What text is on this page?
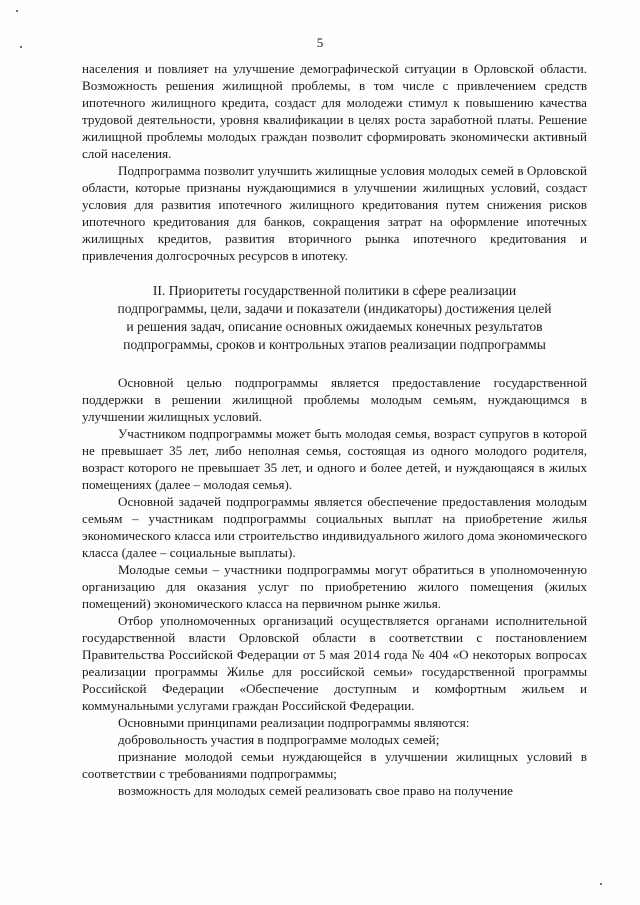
5

населения и повлияет на улучшение демографической ситуации в Орловской области. Возможность решения жилищной проблемы, в том числе с привлечением средств ипотечного жилищного кредита, создаст для молодежи стимул к повышению качества трудовой деятельности, уровня квалификации в целях роста заработной платы. Решение жилищной проблемы молодых граждан позволит сформировать экономически активный слой населения.

Подпрограмма позволит улучшить жилищные условия молодых семей в Орловской области, которые признаны нуждающимися в улучшении жилищных условий, создаст условия для развития ипотечного жилищного кредитования путем снижения рисков ипотечного кредитования для банков, сокращения затрат на оформление ипотечных жилищных кредитов, развития вторичного рынка ипотечного кредитования и привлечения долгосрочных ресурсов в ипотеку.

II. Приоритеты государственной политики в сфере реализации
подпрограммы, цели, задачи и показатели (индикаторы) достижения целей
и решения задач, описание основных ожидаемых конечных результатов
подпрограммы, сроков и контрольных этапов реализации подпрограммы

Основной целью подпрограммы является предоставление государственной поддержки в решении жилищной проблемы молодым семьям, нуждающимся в улучшении жилищных условий.

Участником подпрограммы может быть молодая семья, возраст супругов в которой не превышает 35 лет, либо неполная семья, состоящая из одного молодого родителя, возраст которого не превышает 35 лет, и одного и более детей, и нуждающаяся в жилых помещениях (далее – молодая семья).

Основной задачей подпрограммы является обеспечение предоставления молодым семьям – участникам подпрограммы социальных выплат на приобретение жилья экономического класса или строительство индивидуального жилого дома экономического класса (далее – социальные выплаты).

Молодые семьи – участники подпрограммы могут обратиться в уполномоченную организацию для оказания услуг по приобретению жилого помещения (жилых помещений) экономического класса на первичном рынке жилья.

Отбор уполномоченных организаций осуществляется органами исполнительной государственной власти Орловской области в соответствии с постановлением Правительства Российской Федерации от 5 мая 2014 года № 404 «О некоторых вопросах реализации программы Жилье для российской семьи» государственной программы Российской Федерации «Обеспечение доступным и комфортным жильем и коммунальными услугами граждан Российской Федерации.

Основными принципами реализации подпрограммы являются:

добровольность участия в подпрограмме молодых семей;

признание молодой семьи нуждающейся в улучшении жилищных условий в соответствии с требованиями подпрограммы;

возможность для молодых семей реализовать свое право на получение
